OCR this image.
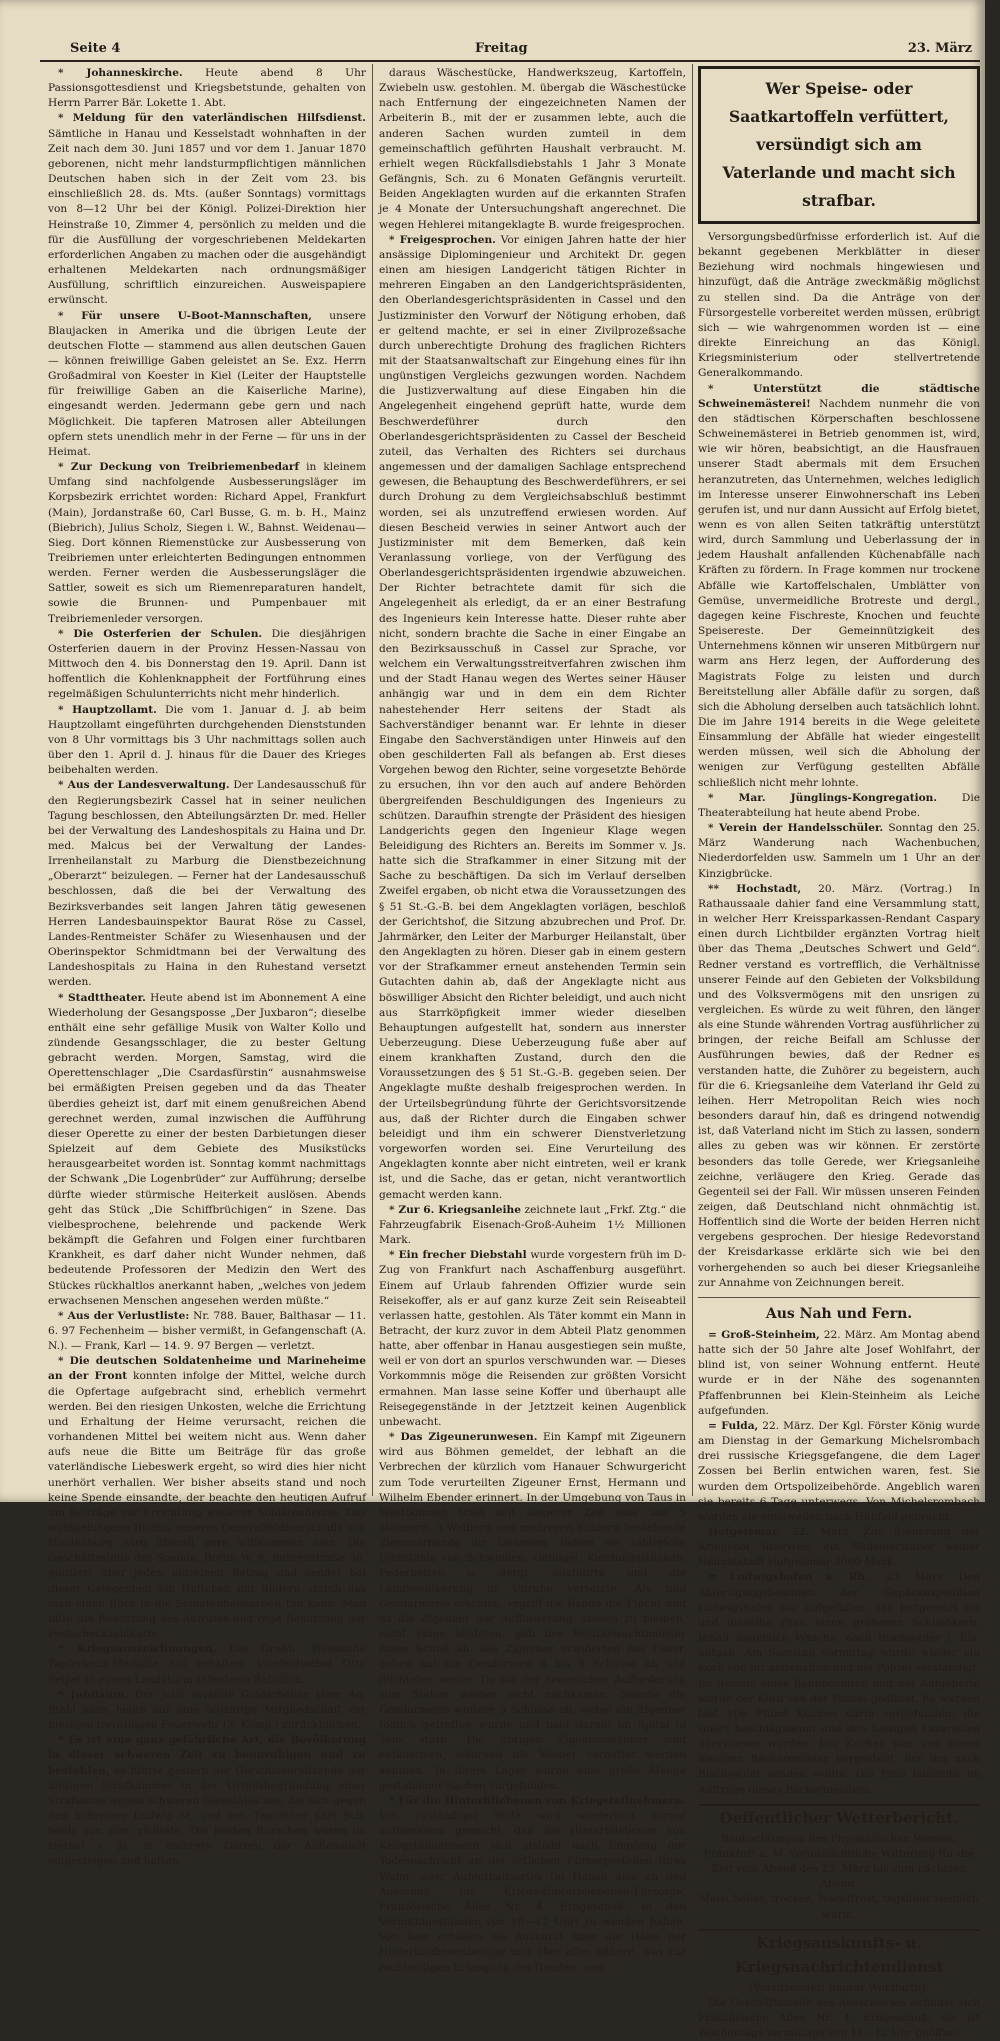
Seite 4	Freitag	23. März

* Johanneskirche. Heute abend 8 Uhr Passionsgottesdienst und Kriegsbetstunde, gehalten von Herrn Parrer Bär. Lokette 1. Abt.

* Meldung für den vaterländischen Hilfsdienst. Sämtliche in Hanau und Kesselstadt wohnhaften in der Zeit nach dem 30. Juni 1857 und vor dem 1. Januar 1870 geborenen, nicht mehr landsturmpflichtigen männlichen Deutschen haben sich in der Zeit vom 23. bis einschließlich 28. ds. Mts. (außer Sonntags) vormittags von 8—12 Uhr bei der Königl. Polizei-Direktion hier Heinstraße 10, Zimmer 4, persönlich zu melden und die für die Ausfüllung der vorgeschriebenen Meldekarten erforderlichen Angaben zu machen oder die ausgehändigt erhaltenen Meldekarten nach ordnungsmäßiger Ausfüllung, schriftlich einzureichen. Ausweispapiere erwünscht.

* Für unsere U-Boot-Mannschaften, unsere Blaujacken in Amerika und die übrigen Leute der deutschen Flotte — stammend aus allen deutschen Gauen — können freiwillige Gaben geleistet an Se. Exz. Herrn Großadmiral von Koester in Kiel (Leiter der Hauptstelle für freiwillige Gaben an die Kaiserliche Marine), eingesandt werden. Jedermann gebe gern und nach Möglichkeit. Die tapferen Matrosen aller Abteilungen opfern stets unendlich mehr in der Ferne — für uns in der Heimat.

* Zur Deckung von Treibriemenbedarf in kleinem Umfang sind nachfolgende Ausbesserungsläger im Korpsbezirk errichtet worden: Richard Appel, Frankfurt (Main), Jordanstraße 60, Carl Busse, G. m. b. H., Mainz (Biebrich), Julius Scholz, Siegen i. W., Bahnst. Weidenau—Sieg. Dort können Riemenstücke zur Ausbesserung von Treibriemen unter erleichterten Bedingungen entnommen werden. Ferner werden die Ausbesserungsläger die Sattler, soweit es sich um Riemenreparaturen handelt, sowie die Brunnen- und Pumpenbauer mit Treibriemenleder versorgen.

* Die Osterferien der Schulen. Die diesjährigen Osterferien dauern in der Provinz Hessen-Nassau von Mittwoch den 4. bis Donnerstag den 19. April. Dann ist hoffentlich die Kohlenknappheit der Fortführung eines regelmäßigen Schulunterrichts nicht mehr hinderlich.

* Hauptzollamt. Die vom 1. Januar d. J. ab beim Hauptzollamt eingeführten durchgehenden Dienststunden von 8 Uhr vormittags bis 3 Uhr nachmittags sollen auch über den 1. April d. J. hinaus für die Dauer des Krieges beibehalten werden.

* Aus der Landesverwaltung. Der Landesausschuß für den Regierungsbezirk Cassel hat in seiner neulichen Tagung beschlossen, den Abteilungsärzten Dr. med. Heller bei der Verwaltung des Landeshospitals zu Haina und Dr. med. Malcus bei der Verwaltung der Landes-Irrenheilanstalt zu Marburg die Dienstbezeichnung „Oberarzt“ beizulegen. — Ferner hat der Landesausschuß beschlossen, daß die bei der Verwaltung des Bezirksverbandes seit langen Jahren tätig gewesenen Herren Landesbauinspektor Baurat Röse zu Cassel, Landes-Rentmeister Schäfer zu Wiesenhausen und der Oberinspektor Schmidtmann bei der Verwaltung des Landeshospitals zu Haina in den Ruhestand versetzt werden.

* Stadttheater. Heute abend ist im Abonnement A eine Wiederholung der Gesangsposse „Der Juxbaron“; dieselbe enthält eine sehr gefällige Musik von Walter Kollo und zündende Gesangsschlager, die zu bester Geltung gebracht werden. Morgen, Samstag, wird die Operettenschlager „Die Csardasfürstin“ ausnahmsweise bei ermäßigten Preisen gegeben und da das Theater überdies geheizt ist, darf mit einem genußreichen Abend gerechnet werden, zumal inzwischen die Aufführung dieser Operette zu einer der besten Darbietungen dieser Spielzeit auf dem Gebiete des Musikstücks herausgearbeitet worden ist. Sonntag kommt nachmittags der Schwank „Die Logenbrüder“ zur Aufführung; derselbe dürfte wieder stürmische Heiterkeit auslösen. Abends geht das Stück „Die Schiffbrüchigen“ in Szene. Das vielbesprochene, belehrende und packende Werk bekämpft die Gefahren und Folgen einer furchtbaren Krankheit, es darf daher nicht Wunder nehmen, daß bedeutende Professoren der Medizin den Wert des Stückes rückhaltlos anerkannt haben, „welches von jedem erwachsenen Menschen angesehen werden müßte.“

* Aus der Verlustliste: Nr. 788. Bauer, Balthasar — 11. 6. 97 Fechenheim — bisher vermißt, in Gefangenschaft (A. N.). — Frank, Karl — 14. 9. 97 Bergen — verletzt.

* Die deutschen Soldatenheime und Marineheime an der Front konnten infolge der Mittel, welche durch die Opfertage aufgebracht sind, erheblich vermehrt werden. Bei den riesigen Unkosten, welche die Errichtung und Erhaltung der Heime verursacht, reichen die vorhandenen Mittel bei weitem nicht aus. Wenn daher aufs neue die Bitte um Beiträge für das große vaterländische Liebeswerk ergeht, so wird dies hier nicht unerhört verhallen. Wer bisher abseits stand und noch keine Spende einsandte, der beachte den heutigen Aufruf um Beiträge zur Errichtung weiterer Soldatenheime. Das wohlgelungene Bildnis unseres Generalfeldmarschalls von Hindenburg wird überall gern willkommen sein. Die Geschäftsstelle der Spende, Berlin W. 8, Behrenstraße 30, quittiert über jeden einzelnen Betrag und sendet bei dieser Gelegenheit ein Heftchen mit Bildern, durch das man einen Blick in die Soldatenheimarbeit tun kann. Man bitte um Beachtung des Aufrufes und rege Benutzung der Postscheckzahlkarte.

* Kriegsauszeichnungen. Die Großh. Hessische Tapferkeits-Medaille hat erhalten: Vizefeldwebel Otto Seipel in einem Landsturm-Infanterie-Bataillon.

* Jubiläum. Der jetzt invalide Goldarbeiter Herr Ad. Stahl kann heute auf eine 50jährige Mitgliedschaft zur hiesigen freiwilligen Feuerwehr (3. Komp.) zurückblicken.

* Es ist eine ganz gefährliche Art, die Bevölkerung in dieser schweren Zeit zu beunruhigen und zu bestehlen, so führte gestern der Gerichtsvorsitzende der hiesigen Strafkammer in der Urteilsbegründung einer Strafsache wegen schweren Diebstahls aus, die sich gegen den Schreiner Ludwig M. und den Taglöhner Karl Sch. beide von hier, richtete. Die beiden Burschen waren im Herbst v. Js. in mehrere Gärten der Außenstadt eingestiegen und hatten

daraus Wäschestücke, Handwerkszeug, Kartoffeln, Zwiebeln usw. gestohlen. M. übergab die Wäschestücke nach Entfernung der eingezeichneten Namen der Arbeiterin B., mit der er zusammen lebte, auch die anderen Sachen wurden zumteil in dem gemeinschaftlich geführten Haushalt verbraucht. M. erhielt wegen Rückfallsdiebstahls 1 Jahr 3 Monate Gefängnis, Sch. zu 6 Monaten Gefängnis verurteilt. Beiden Angeklagten wurden auf die erkannten Strafen je 4 Monate der Untersuchungshaft angerechnet. Die wegen Hehlerei mitangeklagte B. wurde freigesprochen.

* Freigesprochen. Vor einigen Jahren hatte der hier ansässige Diplomingenieur und Architekt Dr. gegen einen am hiesigen Landgericht tätigen Richter in mehreren Eingaben an den Landgerichtspräsidenten, den Oberlandesgerichtspräsidenten in Cassel und den Justizminister den Vorwurf der Nötigung erhoben, daß er geltend machte, er sei in einer Zivilprozeßsache durch unberechtigte Drohung des fraglichen Richters mit der Staatsanwaltschaft zur Eingehung eines für ihn ungünstigen Vergleichs gezwungen worden. Nachdem die Justizverwaltung auf diese Eingaben hin die Angelegenheit eingehend geprüft hatte, wurde dem Beschwerdeführer durch den Oberlandesgerichtspräsidenten zu Cassel der Bescheid zuteil, das Verhalten des Richters sei durchaus angemessen und der damaligen Sachlage entsprechend gewesen, die Behauptung des Beschwerdeführers, er sei durch Drohung zu dem Vergleichsabschluß bestimmt worden, sei als unzutreffend erwiesen worden. Auf diesen Bescheid verwies in seiner Antwort auch der Justizminister mit dem Bemerken, daß kein Veranlassung vorliege, von der Verfügung des Oberlandesgerichtspräsidenten irgendwie abzuweichen. Der Richter betrachtete damit für sich die Angelegenheit als erledigt, da er an einer Bestrafung des Ingenieurs kein Interesse hatte. Dieser ruhte aber nicht, sondern brachte die Sache in einer Eingabe an den Bezirksausschuß in Cassel zur Sprache, vor welchem ein Verwaltungsstreitverfahren zwischen ihm und der Stadt Hanau wegen des Wertes seiner Häuser anhängig war und in dem ein dem Richter nahestehender Herr seitens der Stadt als Sachverständiger benannt war. Er lehnte in dieser Eingabe den Sachverständigen unter Hinweis auf den oben geschilderten Fall als befangen ab. Erst dieses Vorgehen bewog den Richter, seine vorgesetzte Behörde zu ersuchen, ihn vor den auch auf andere Behörden übergreifenden Beschuldigungen des Ingenieurs zu schützen. Daraufhin strengte der Präsident des hiesigen Landgerichts gegen den Ingenieur Klage wegen Beleidigung des Richters an. Bereits im Sommer v. Js. hatte sich die Strafkammer in einer Sitzung mit der Sache zu beschäftigen. Da sich im Verlauf derselben Zweifel ergaben, ob nicht etwa die Voraussetzungen des § 51 St.-G.-B. bei dem Angeklagten vorlägen, beschloß der Gerichtshof, die Sitzung abzubrechen und Prof. Dr. Jahrmärker, den Leiter der Marburger Heilanstalt, über den Angeklagten zu hören. Dieser gab in einem gestern vor der Strafkammer erneut anstehenden Termin sein Gutachten dahin ab, daß der Angeklagte nicht aus böswilliger Absicht den Richter beleidigt, und auch nicht aus Starrköpfigkeit immer wieder dieselben Behauptungen aufgestellt hat, sondern aus innerster Ueberzeugung. Diese Ueberzeugung fuße aber auf einem krankhaften Zustand, durch den die Voraussetzungen des § 51 St.-G.-B. gegeben seien. Der Angeklagte mußte deshalb freigesprochen werden. In der Urteilsbegründung führte der Gerichtsvorsitzende aus, daß der Richter durch die Eingaben schwer beleidigt und ihm ein schwerer Dienstverletzung vorgeworfen worden sei. Eine Verurteilung des Angeklagten konnte aber nicht eintreten, weil er krank ist, und die Sache, das er getan, nicht verantwortlich gemacht werden kann.

* Zur 6. Kriegsanleihe zeichnete laut „Frkf. Ztg.“ die Fahrzeugfabrik Eisenach-Groß-Auheim 1½ Millionen Mark.

* Ein frecher Diebstahl wurde vorgestern früh im D-Zug von Frankfurt nach Aschaffenburg ausgeführt. Einem auf Urlaub fahrenden Offizier wurde sein Reisekoffer, als er auf ganz kurze Zeit sein Reiseabteil verlassen hatte, gestohlen. Als Täter kommt ein Mann in Betracht, der kurz zuvor in dem Abteil Platz genommen hatte, aber offenbar in Hanau ausgestiegen sein mußte, weil er von dort an spurlos verschwunden war. — Dieses Vorkommnis möge die Reisenden zur größten Vorsicht ermahnen. Man lasse seine Koffer und überhaupt alle Reisegegenstände in der Jetztzeit keinen Augenblick unbewacht.

* Das Zigeunerunwesen. Ein Kampf mit Zigeunern wird aus Böhmen gemeldet, der lebhaft an die Verbrechen der kürzlich vom Hanauer Schwurgericht zum Tode verurteilten Zigeuner Ernst, Hermann und Wilhelm Ebender erinnert. In der Umgebung von Taus in Westböhmen trieb seit längerer Zeit eine aus 5 Männern, 3 Weibern und mehreren Kindern bestehende Zigeunerbande ihr Unwesen, indem sie zahlreiche Diebstähle von Schweinen, Geflügel, Kleidungsstücken, Federbetten u. dergl. ausführte und die Landbevölkerung in Unruhe versetzte. Als nun Gendarmerie erschien, ergriff die Bande die Flucht und da die Zigeuner der Aufforderung, stehen zu bleiben, nicht Folge leisteten, gab der Bezirkswachtmeister einen Schuß ab. Die Zigeuner erwiderten das Feuer, gaben auf die Gendarmen 6 bis 8 Schüsse ab und flüchteten weiter. Da sie der neuerlichen Aufforderung zum Stehen wieder nicht nachkamen, feuerte die Gendarmerie weitere 3 Schüsse ab, wobei ein Zigeuner tödlich getroffen wurde und bald darauf im Spital in Taus starb. Die übrigen Zigeunermänner sind entkommen, während die Weiber verhaftet werden konnten. In ihrem Lager wurde eine große Menge gestohlener Sachen vorgefunden.

* Für die Hinterbliebenen von Kriegsteilnehmern. Von zuständiger Seite wird wiederholt darauf aufmerksam gemacht, daß die Hinterbliebenen von Kriegsteilnehmern sich alsbald nach Empfang der Todesnachricht an die örtlichen Fürsorgestellen ihres Wohn- oder Aufenthaltsortes (in Hanau also an den Ausschuß für Kriegs-Hinterbliebenen-Fürsorge, Französische Allee Nr. 4, Erdgeschoß, in den Vormittagsstunden von 10—12 Uhr) zu wenden haben. Von hier erhalten sie Auskunft über die Höhe der Hinterbliebenenbezüge und über alles nähere, was zur rechtzeitigen Erlangung der Gnaden- und

Wer Speise- oder Saatkartoffeln verfüttert, versündigt sich am Vaterlande und macht sich strafbar.

Versorgungsbedürfnisse erforderlich ist. Auf die bekannt gegebenen Merkblätter in dieser Beziehung wird nochmals hingewiesen und hinzufügt, daß die Anträge zweckmäßig möglichst zu stellen sind. Da die Anträge von der Fürsorgestelle vorbereitet werden müssen, erübrigt sich — wie wahrgenommen worden ist — eine direkte Einreichung an das Königl. Kriegsministerium oder stellvertretende Generalkommando.

* Unterstützt die städtische Schweinemästerei! Nachdem nunmehr die von den städtischen Körperschaften beschlossene Schweinemästerei in Betrieb genommen ist, wird, wie wir hören, beabsichtigt, an die Hausfrauen unserer Stadt abermals mit dem Ersuchen heranzutreten, das Unternehmen, welches lediglich im Interesse unserer Einwohnerschaft ins Leben gerufen ist, und nur dann Aussicht auf Erfolg bietet, wenn es von allen Seiten tatkräftig unterstützt wird, durch Sammlung und Ueberlassung der in jedem Haushalt anfallenden Küchenabfälle nach Kräften zu fördern. In Frage kommen nur trockene Abfälle wie Kartoffelschalen, Umblätter von Gemüse, unvermeidliche Brotreste und dergl., dagegen keine Fischreste, Knochen und feuchte Speisereste. Der Gemeinnützigkeit des Unternehmens können wir unseren Mitbürgern nur warm ans Herz legen, der Aufforderung des Magistrats Folge zu leisten und durch Bereitstellung aller Abfälle dafür zu sorgen, daß sich die Abholung derselben auch tatsächlich lohnt. Die im Jahre 1914 bereits in die Wege geleitete Einsammlung der Abfälle hat wieder eingestellt werden müssen, weil sich die Abholung der wenigen zur Verfügung gestellten Abfälle schließlich nicht mehr lohnte.

* Mar. Jünglings-Kongregation. Die Theaterabteilung hat heute abend Probe.

* Verein der Handelsschüler. Sonntag den 25. März Wanderung nach Wachenbuchen, Niederdorfelden usw. Sammeln um 1 Uhr an der Kinzigbrücke.

** Hochstadt, 20. März. (Vortrag.) In Rathaussaale dahier fand eine Versammlung statt, in welcher Herr Kreissparkassen-Rendant Caspary einen durch Lichtbilder ergänzten Vortrag hielt über das Thema „Deutsches Schwert und Geld“. Redner verstand es vortrefflich, die Verhältnisse unserer Feinde auf den Gebieten der Volksbildung und des Volksvermögens mit den unsrigen zu vergleichen. Es würde zu weit führen, den länger als eine Stunde währenden Vortrag ausführlicher zu bringen, der reiche Beifall am Schlusse der Ausführungen bewies, daß der Redner es verstanden hatte, die Zuhörer zu begeistern, auch für die 6. Kriegsanleihe dem Vaterland ihr Geld zu leihen. Herr Metropolitan Reich wies noch besonders darauf hin, daß es dringend notwendig ist, daß Vaterland nicht im Stich zu lassen, sondern alles zu geben was wir können. Er zerstörte besonders das tolle Gerede, wer Kriegsanleihe zeichne, verläugere den Krieg. Gerade das Gegenteil sei der Fall. Wir müssen unseren Feinden zeigen, daß Deutschland nicht ohnmächtig ist. Hoffentlich sind die Worte der beiden Herren nicht vergebens gesprochen. Der hiesige Redevorstand der Kreisdarkasse erklärte sich wie bei den vorhergehenden so auch bei dieser Kriegsanleihe zur Annahme von Zeichnungen bereit.

Aus Nah und Fern.

= Groß-Steinheim, 22. März. Am Montag abend hatte sich der 50 Jahre alte Josef Wohlfahrt, der blind ist, von seiner Wohnung entfernt. Heute wurde er in der Nähe des sogenannten Pfaffenbrunnen bei Klein-Steinheim als Leiche aufgefunden.

= Fulda, 22. März. Der Kgl. Förster König wurde am Dienstag in der Gemarkung Michelsrombach drei russische Kriegsgefangene, die dem Lager Zossen bei Berlin entwichen waren, fest. Sie wurden dem Ortspolizeibehörde. Angeblich waren sie bereits 6 Tage unterwegs. Von Michelsrombach wurden sie einstweilen nach Hünfeld gebracht.

Hofgeismar, 22. März. Zur Steuerung der Kriegsnot überwies ein Südamerikaner seiner Heimatstadt Hofgeismar 3000 Mark.

= Ludwigshafen a. Rh., 23. März. Den Abfertigungsbeamten der Gepäckexpedition Ludwigshafen war aufgefallen, daß fortgesetzt ein und dieselbe Frau einen größeren Schließkorb, Inhalt angeblich Wäsche, nach Bischweiler i. Els. aufgab. Am Samstag vormittag wurde wieder ein Korb von ihr angehalten und die Polizei verständigt. Im Beisein eines Bahnbeamten und der Aufgeberin wurde der Korb von der Polizei geöffnet. Es wurden fast 106 Pfund Kuchen darin vorgefunden, die sofort beschlagnahmt und den hiesigen Lazaretten überwiesen wurden. Der Kuchen war von einem hiesigen Bäckermeister hergestellt, der ihn nach Bischweiler senden wollte. Die Frau handelte im Auftrage dieses Bäckermeisters.

Oeffentlicher Wetterbericht.

Beobachtungen des Physikalischen Vereins, Frankfurt a. M. voraussichtliche Witterung für die Zeit vom Abend des 23. März bis zum nächsten Abend.

Meist heiter, trocken, Nachtfrost, tagsüber ziemlich warm.

Kriegsauskunfts- u. Kriegsnachrichtendienst

(Vorsitzender: Baurat Wohlfarth).

Die Geschäftsstelle des Ausschusses befindet sich Französische Allee Nr. 4, Erdgeschoß; sie ist Wochentags vormittags von 11—12 Uhr geöffnet.
